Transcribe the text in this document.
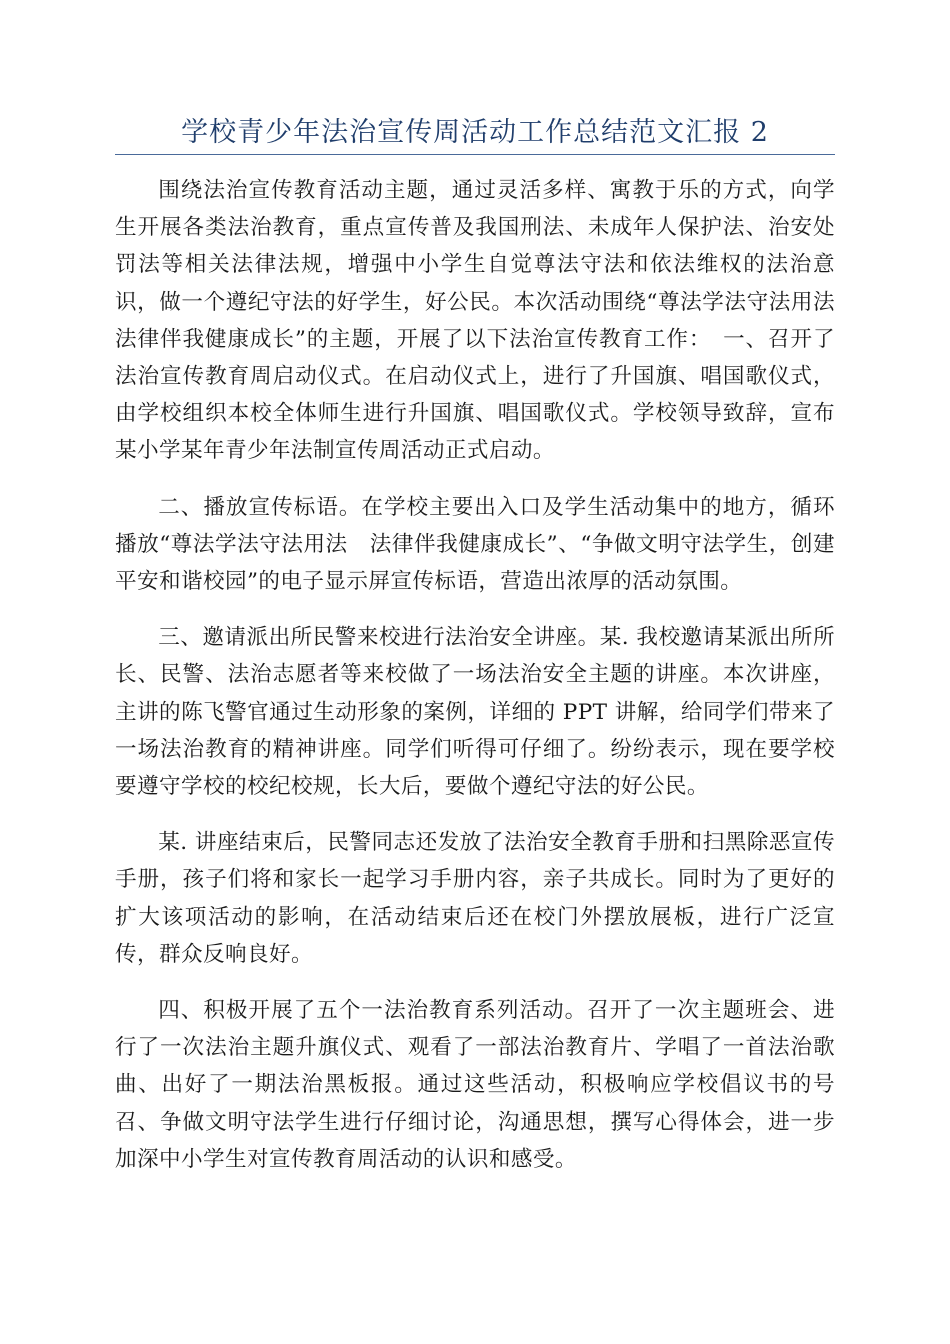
学校青少年法治宣传周活动工作总结范文汇报 2

围绕法治宣传教育活动主题，通过灵活多样、寓教于乐的方式，向学生开展各类法治教育，重点宣传普及我国刑法、未成年人保护法、治安处罚法等相关法律法规，增强中小学生自觉尊法守法和依法维权的法治意识，做一个遵纪守法的好学生，好公民。本次活动围绕“尊法学法守法用法　法律伴我健康成长”的主题，开展了以下法治宣传教育工作：　一、召开了法治宣传教育周启动仪式。在启动仪式上，进行了升国旗、唱国歌仪式，由学校组织本校全体师生进行升国旗、唱国歌仪式。学校领导致辞，宣布某小学某年青少年法制宣传周活动正式启动。

二、播放宣传标语。在学校主要出入口及学生活动集中的地方，循环播放“尊法学法守法用法　法律伴我健康成长”、“争做文明守法学生，创建平安和谐校园”的电子显示屏宣传标语，营造出浓厚的活动氛围。

三、邀请派出所民警来校进行法治安全讲座。某. 我校邀请某派出所所长、民警、法治志愿者等来校做了一场法治安全主题的讲座。本次讲座，主讲的陈飞警官通过生动形象的案例，详细的 PPT 讲解，给同学们带来了一场法治教育的精神讲座。同学们听得可仔细了。纷纷表示，现在要学校要遵守学校的校纪校规，长大后，要做个遵纪守法的好公民。

某. 讲座结束后，民警同志还发放了法治安全教育手册和扫黑除恶宣传手册，孩子们将和家长一起学习手册内容，亲子共成长。同时为了更好的扩大该项活动的影响，在活动结束后还在校门外摆放展板，进行广泛宣传，群众反响良好。

四、积极开展了五个一法治教育系列活动。召开了一次主题班会、进行了一次法治主题升旗仪式、观看了一部法治教育片、学唱了一首法治歌曲、出好了一期法治黑板报。通过这些活动，积极响应学校倡议书的号召、争做文明守法学生进行仔细讨论，沟通思想，撰写心得体会，进一步加深中小学生对宣传教育周活动的认识和感受。
